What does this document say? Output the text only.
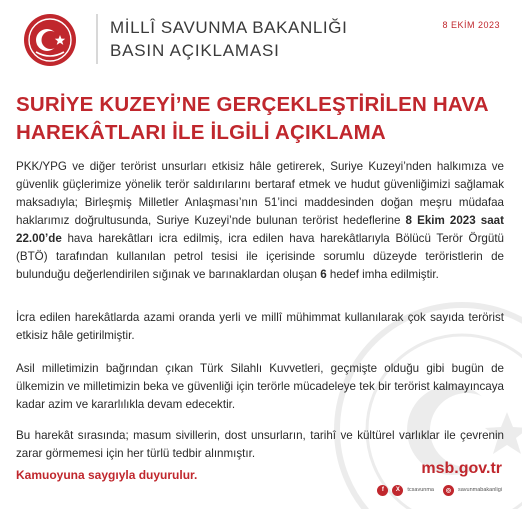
MİLLÎ SAVUNMA BAKANLIĞI
BASIN AÇIKLAMASI
8 EKİM 2023
SURİYE KUZEYİ’NE GERÇEKLEŞTİRİLEN HAVA
HAREKÂTLARI İLE İLGİLİ AÇIKLAMA

PKK/YPG ve diğer terörist unsurları etkisiz hâle getirerek, Suriye Kuzeyi’nden halkımıza ve güvenlik güçlerimize yönelik terör saldırılarını bertaraf etmek ve hudut güvenliğimizi sağlamak maksadıyla; Birleşmiş Milletler Anlaşması’nın 51’inci maddesinden doğan meşru müdafaa haklarımız doğrultusunda, Suriye Kuzeyi’nde bulunan terörist hedeflerine 8 Ekim 2023 saat 22.00’de hava harekâtları icra edilmiş, icra edilen hava harekâtlarıyla Bölücü Terör Örgütü (BTÖ) tarafından kullanılan petrol tesisi ile içerisinde sorumlu düzeyde teröristlerin de bulunduğu değerlendirilen sığınak ve barınaklardan oluşan 6 hedef imha edilmiştir.

İcra edilen harekâtlarda azami oranda yerli ve millî mühimmat kullanılarak çok sayıda terörist etkisiz hâle getirilmiştir.

Asil milletimizin bağrından çıkan Türk Silahlı Kuvvetleri, geçmişte olduğu gibi bugün de ülkemizin ve milletimizin beka ve güvenliği için terörle mücadeleye tek bir terörist kalmayıncaya kadar azim ve kararlılıkla devam edecektir.

Bu harekât sırasında; masum sivillerin, dost unsurların, tarihî ve kültürel varlıklar ile çevrenin zarar görmemesi için her türlü tedbir alınmıştır.

Kamuoyuna saygıyla duyurulur.	msb.gov.tr
f	X	tcsavunma	◎	savunmabakanligi
